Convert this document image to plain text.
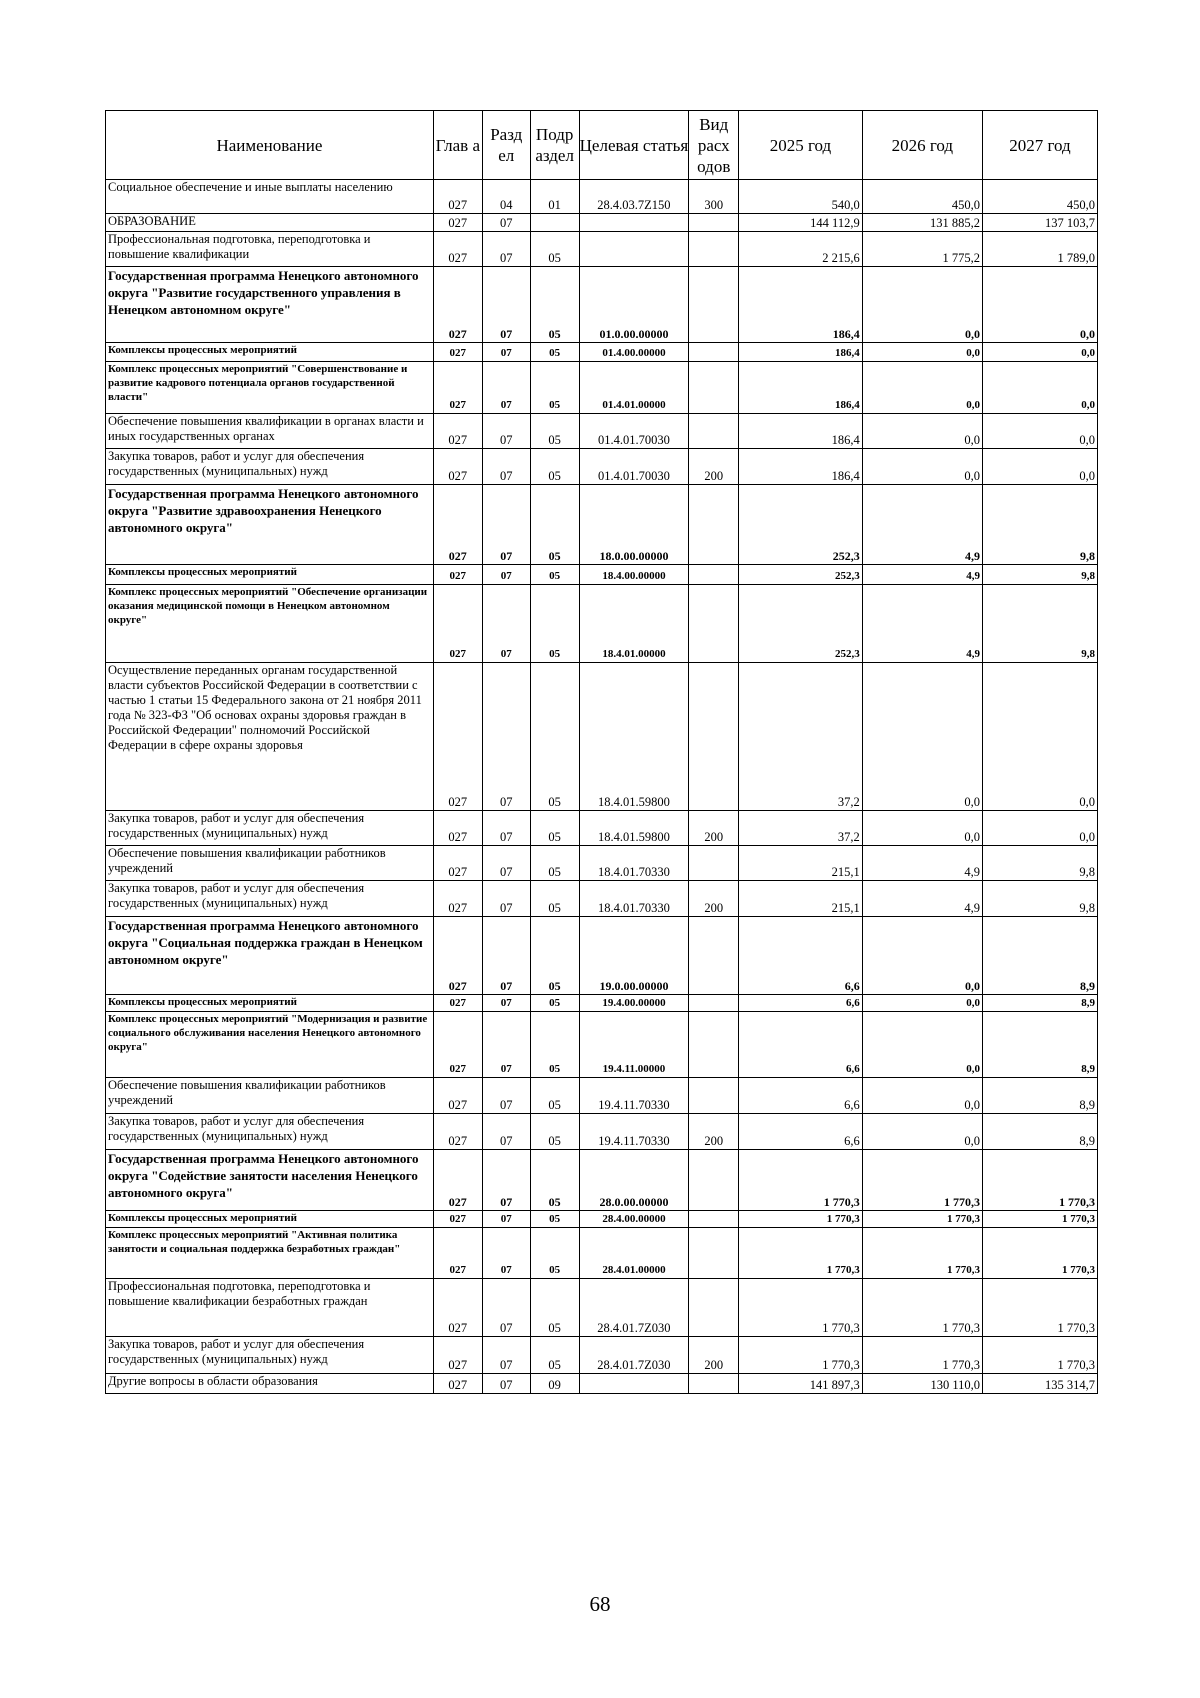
Наименование	Глав а	Разд ел	Подр аздел	Целевая статья	Вид расх одов	2025 год	2026 год	2027 год
Социальное обеспечение и иные выплаты населению	027	04	01	28.4.03.7Z150	300	540,0	450,0	450,0
ОБРАЗОВАНИЕ	027	07				144 112,9	131 885,2	137 103,7
Профессиональная подготовка, переподготовка и повышение квалификации	027	07	05			2 215,6	1 775,2	1 789,0
Государственная программа Ненецкого автономного округа "Развитие государственного управления в Ненецком автономном округе"	027	07	05	01.0.00.00000		186,4	0,0	0,0
Комплексы процессных мероприятий	027	07	05	01.4.00.00000		186,4	0,0	0,0
Комплекс процессных мероприятий "Совершенствование и развитие кадрового потенциала органов государственной власти"	027	07	05	01.4.01.00000		186,4	0,0	0,0
Обеспечение повышения квалификации в органах власти и иных государственных органах	027	07	05	01.4.01.70030		186,4	0,0	0,0
Закупка товаров, работ и услуг для обеспечения государственных (муниципальных) нужд	027	07	05	01.4.01.70030	200	186,4	0,0	0,0
Государственная программа Ненецкого автономного округа "Развитие здравоохранения Ненецкого автономного округа"	027	07	05	18.0.00.00000		252,3	4,9	9,8
Комплексы процессных мероприятий	027	07	05	18.4.00.00000		252,3	4,9	9,8
Комплекс процессных мероприятий "Обеспечение организации оказания медицинской помощи в Ненецком автономном округе"	027	07	05	18.4.01.00000		252,3	4,9	9,8
Осуществление переданных органам государственной власти субъектов Российской Федерации в соответствии с частью 1 статьи 15 Федерального закона от 21 ноября 2011 года № 323-ФЗ "Об основах охраны здоровья граждан в Российской Федерации" полномочий Российской Федерации в сфере охраны здоровья	027	07	05	18.4.01.59800		37,2	0,0	0,0
Закупка товаров, работ и услуг для обеспечения государственных (муниципальных) нужд	027	07	05	18.4.01.59800	200	37,2	0,0	0,0
Обеспечение повышения квалификации работников учреждений	027	07	05	18.4.01.70330		215,1	4,9	9,8
Закупка товаров, работ и услуг для обеспечения государственных (муниципальных) нужд	027	07	05	18.4.01.70330	200	215,1	4,9	9,8
Государственная программа Ненецкого автономного округа "Социальная поддержка граждан в Ненецком автономном округе"	027	07	05	19.0.00.00000		6,6	0,0	8,9
Комплексы процессных мероприятий	027	07	05	19.4.00.00000		6,6	0,0	8,9
Комплекс процессных мероприятий "Модернизация и развитие социального обслуживания населения Ненецкого автономного округа"	027	07	05	19.4.11.00000		6,6	0,0	8,9
Обеспечение повышения квалификации работников учреждений	027	07	05	19.4.11.70330		6,6	0,0	8,9
Закупка товаров, работ и услуг для обеспечения государственных (муниципальных) нужд	027	07	05	19.4.11.70330	200	6,6	0,0	8,9
Государственная программа Ненецкого автономного округа "Содействие занятости населения Ненецкого автономного округа"	027	07	05	28.0.00.00000		1 770,3	1 770,3	1 770,3
Комплексы процессных мероприятий	027	07	05	28.4.00.00000		1 770,3	1 770,3	1 770,3
Комплекс процессных мероприятий "Активная политика занятости и социальная поддержка безработных граждан"	027	07	05	28.4.01.00000		1 770,3	1 770,3	1 770,3
Профессиональная подготовка, переподготовка и повышение квалификации безработных граждан	027	07	05	28.4.01.7Z030		1 770,3	1 770,3	1 770,3
Закупка товаров, работ и услуг для обеспечения государственных (муниципальных) нужд	027	07	05	28.4.01.7Z030	200	1 770,3	1 770,3	1 770,3
Другие вопросы в области образования	027	07	09			141 897,3	130 110,0	135 314,7
68
